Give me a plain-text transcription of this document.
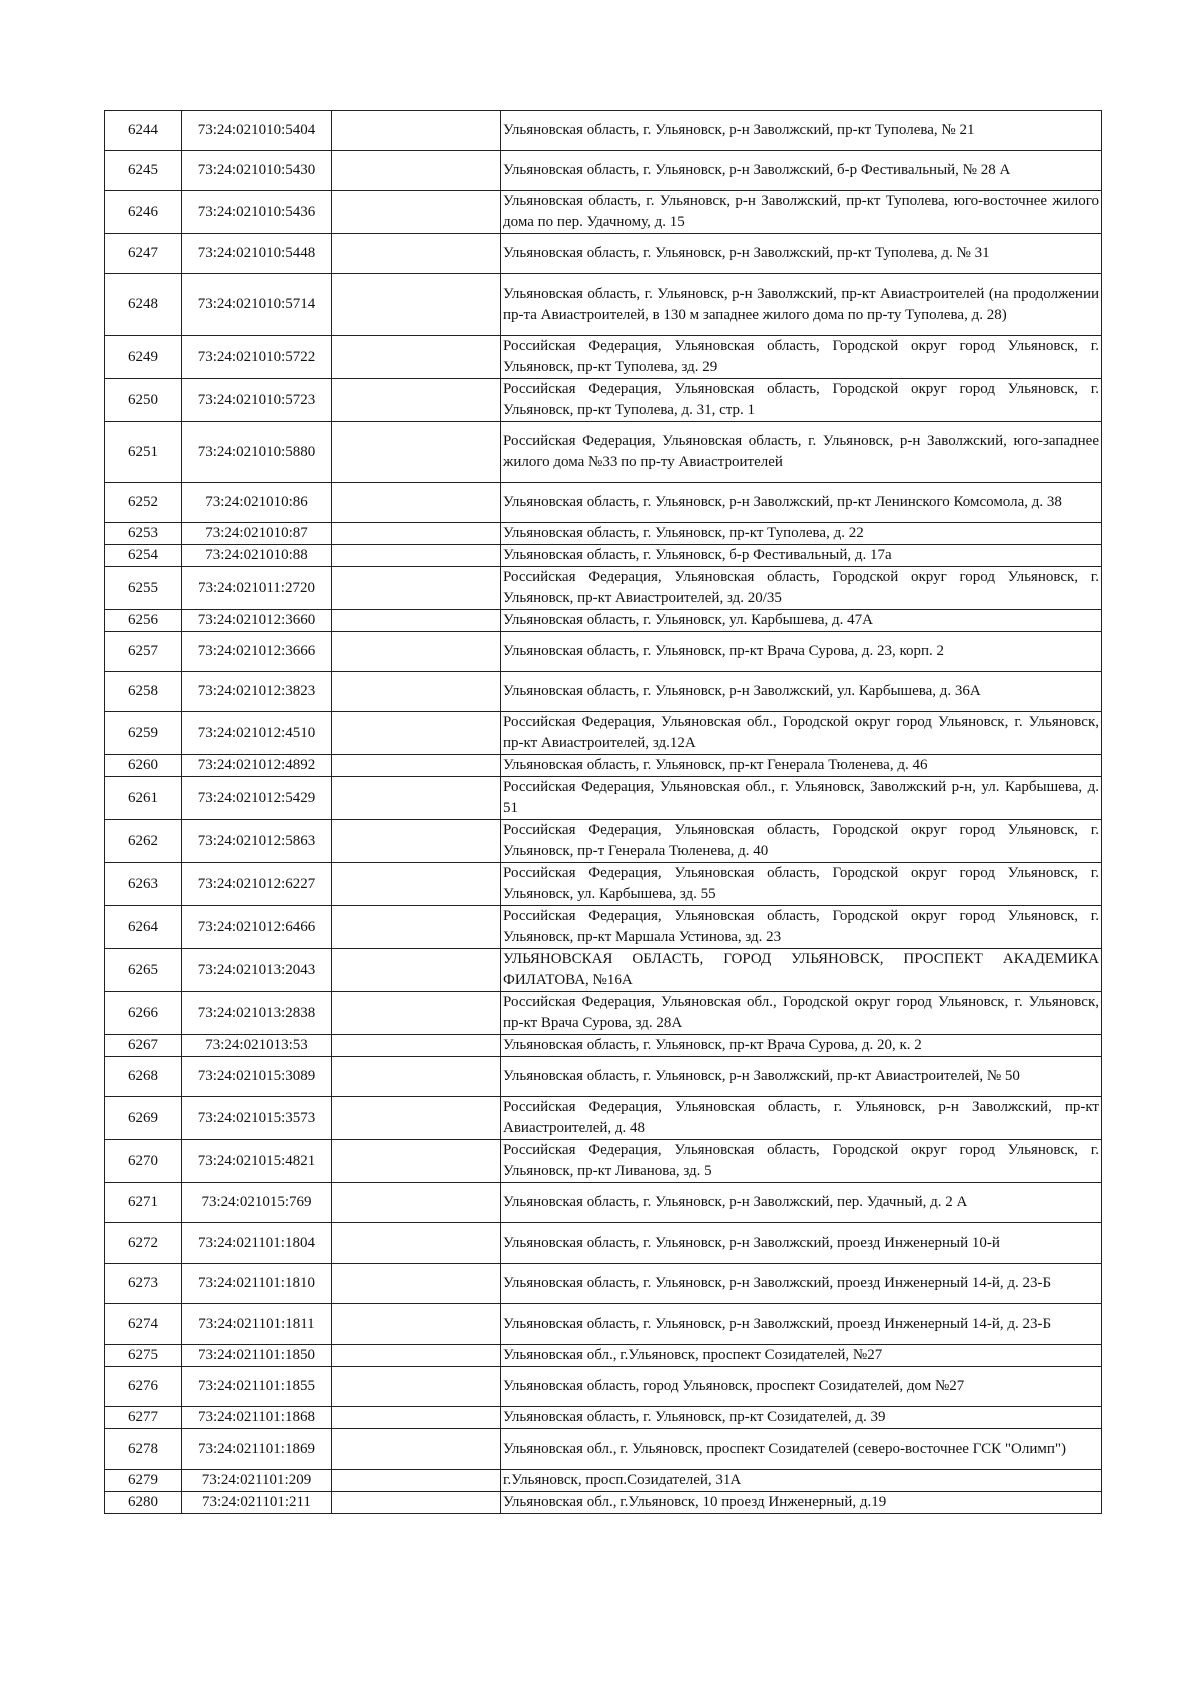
6244	73:24:021010:5404		Ульяновская область, г. Ульяновск, р-н Заволжский, пр-кт Туполева, № 21
6245	73:24:021010:5430		Ульяновская область, г. Ульяновск, р-н Заволжский, б-р Фестивальный, № 28 А
6246	73:24:021010:5436		Ульяновская область, г. Ульяновск, р-н Заволжский, пр-кт Туполева, юго-восточнее жилого дома по пер. Удачному, д. 15
6247	73:24:021010:5448		Ульяновская область, г. Ульяновск, р-н Заволжский, пр-кт Туполева, д. № 31
6248	73:24:021010:5714		Ульяновская область, г. Ульяновск, р-н Заволжский, пр-кт Авиастроителей (на продолжении пр-та Авиастроителей, в 130 м западнее жилого дома по пр-ту Туполева, д. 28)
6249	73:24:021010:5722		Российская Федерация, Ульяновская область, Городской округ город Ульяновск, г. Ульяновск, пр-кт Туполева, зд. 29
6250	73:24:021010:5723		Российская Федерация, Ульяновская область, Городской округ город Ульяновск, г. Ульяновск, пр-кт Туполева, д. 31, стр. 1
6251	73:24:021010:5880		Российская Федерация, Ульяновская область, г. Ульяновск, р-н Заволжский, юго-западнее жилого дома №33 по пр-ту Авиастроителей
6252	73:24:021010:86		Ульяновская область, г. Ульяновск, р-н Заволжский, пр-кт Ленинского Комсомола, д. 38
6253	73:24:021010:87		Ульяновская область, г. Ульяновск, пр-кт Туполева, д. 22
6254	73:24:021010:88		Ульяновская область, г. Ульяновск, б-р Фестивальный, д. 17а
6255	73:24:021011:2720		Российская Федерация, Ульяновская область, Городской округ город Ульяновск, г. Ульяновск, пр-кт Авиастроителей, зд. 20/35
6256	73:24:021012:3660		Ульяновская область, г. Ульяновск, ул. Карбышева, д. 47А
6257	73:24:021012:3666		Ульяновская область, г. Ульяновск, пр-кт Врача Сурова, д. 23, корп. 2
6258	73:24:021012:3823		Ульяновская область, г. Ульяновск, р-н Заволжский, ул. Карбышева, д. 36А
6259	73:24:021012:4510		Российская Федерация, Ульяновская обл., Городской округ город Ульяновск, г. Ульяновск, пр-кт Авиастроителей, зд.12А
6260	73:24:021012:4892		Ульяновская область, г. Ульяновск, пр-кт Генерала Тюленева, д. 46
6261	73:24:021012:5429		Российская Федерация, Ульяновская обл., г. Ульяновск, Заволжский р-н, ул. Карбышева, д. 51
6262	73:24:021012:5863		Российская Федерация, Ульяновская область, Городской округ город Ульяновск, г. Ульяновск, пр-т Генерала Тюленева, д. 40
6263	73:24:021012:6227		Российская Федерация, Ульяновская область, Городской округ город Ульяновск, г. Ульяновск, ул. Карбышева, зд. 55
6264	73:24:021012:6466		Российская Федерация, Ульяновская область, Городской округ город Ульяновск, г. Ульяновск, пр-кт Маршала Устинова, зд. 23
6265	73:24:021013:2043		УЛЬЯНОВСКАЯ ОБЛАСТЬ, ГОРОД УЛЬЯНОВСК, ПРОСПЕКТ АКАДЕМИКА ФИЛАТОВА, №16А
6266	73:24:021013:2838		Российская Федерация, Ульяновская обл., Городской округ город Ульяновск, г. Ульяновск, пр-кт Врача Сурова, зд. 28А
6267	73:24:021013:53		Ульяновская область, г. Ульяновск, пр-кт Врача Сурова, д. 20, к. 2
6268	73:24:021015:3089		Ульяновская область, г. Ульяновск, р-н Заволжский, пр-кт Авиастроителей, № 50
6269	73:24:021015:3573		Российская Федерация, Ульяновская область, г. Ульяновск, р-н Заволжский, пр-кт Авиастроителей, д. 48
6270	73:24:021015:4821		Российская Федерация, Ульяновская область, Городской округ город Ульяновск, г. Ульяновск, пр-кт Ливанова, зд. 5
6271	73:24:021015:769		Ульяновская область, г. Ульяновск, р-н Заволжский, пер. Удачный, д. 2 А
6272	73:24:021101:1804		Ульяновская область, г. Ульяновск, р-н Заволжский, проезд Инженерный 10-й
6273	73:24:021101:1810		Ульяновская область, г. Ульяновск, р-н Заволжский, проезд Инженерный 14-й, д. 23-Б
6274	73:24:021101:1811		Ульяновская область, г. Ульяновск, р-н Заволжский, проезд Инженерный 14-й, д. 23-Б
6275	73:24:021101:1850		Ульяновская обл., г.Ульяновск, проспект Созидателей, №27
6276	73:24:021101:1855		Ульяновская область, город Ульяновск, проспект Созидателей, дом №27
6277	73:24:021101:1868		Ульяновская область, г. Ульяновск, пр-кт Созидателей, д. 39
6278	73:24:021101:1869		Ульяновская обл., г. Ульяновск, проспект Созидателей (северо-восточнее ГСК "Олимп")
6279	73:24:021101:209		г.Ульяновск, просп.Созидателей, 31А
6280	73:24:021101:211		Ульяновская обл., г.Ульяновск, 10 проезд Инженерный, д.19
